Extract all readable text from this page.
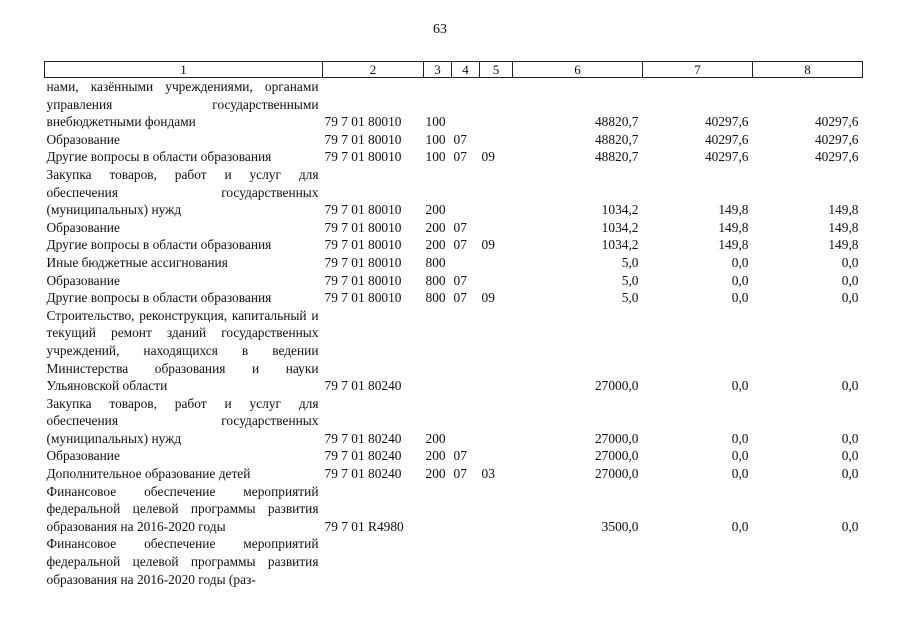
63
1	2	3	4	5	6	7	8
нами, казёнными учреждениями, органами управления государственными внебюджетными фондами	79 7 01 80010	100			48820,7	40297,6	40297,6
Образование	79 7 01 80010	100	07		48820,7	40297,6	40297,6
Другие вопросы в области образования	79 7 01 80010	100	07	09	48820,7	40297,6	40297,6
Закупка товаров, работ и услуг для обеспечения государственных (муниципальных) нужд	79 7 01 80010	200			1034,2	149,8	149,8
Образование	79 7 01 80010	200	07		1034,2	149,8	149,8
Другие вопросы в области образования	79 7 01 80010	200	07	09	1034,2	149,8	149,8
Иные бюджетные ассигнования	79 7 01 80010	800			5,0	0,0	0,0
Образование	79 7 01 80010	800	07		5,0	0,0	0,0
Другие вопросы в области образования	79 7 01 80010	800	07	09	5,0	0,0	0,0
Строительство, реконструкция, капитальный и текущий ремонт зданий государственных учреждений, находящихся в ведении Министерства образования и науки Ульяновской области	79 7 01 80240				27000,0	0,0	0,0
Закупка товаров, работ и услуг для обеспечения государственных (муниципальных) нужд	79 7 01 80240	200			27000,0	0,0	0,0
Образование	79 7 01 80240	200	07		27000,0	0,0	0,0
Дополнительное образование детей	79 7 01 80240	200	07	03	27000,0	0,0	0,0
Финансовое обеспечение мероприятий федеральной целевой программы развития образования на 2016-2020 годы	79 7 01 R4980				3500,0	0,0	0,0
Финансовое обеспечение мероприятий федеральной целевой программы развития образования на 2016-2020 годы (раз-							
